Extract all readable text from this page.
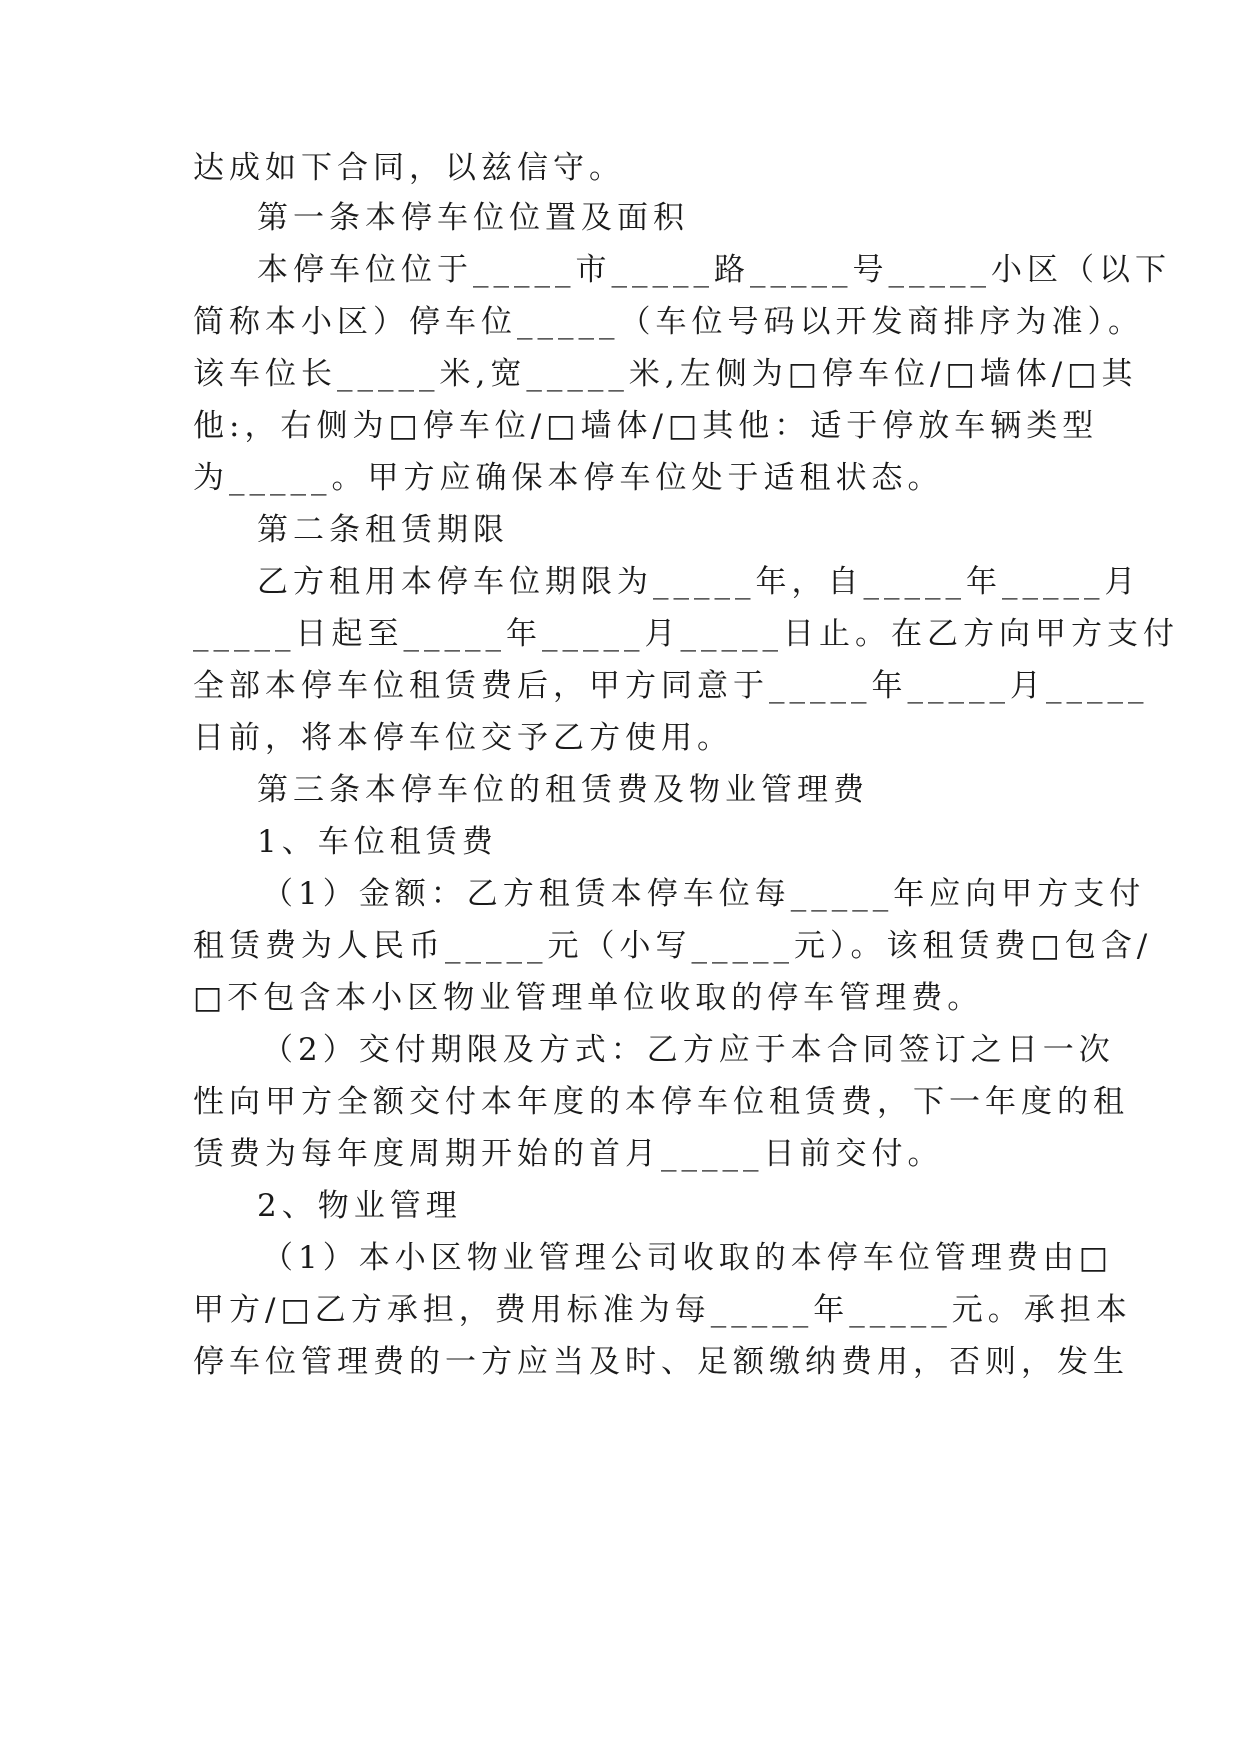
达成如下合同，以兹信守。
第一条本停车位位置及面积
本停车位位于_____市_____路_____号_____小区（以下
简称本小区）停车位_____（车位号码以开发商排序为准）。
该车位长_____米,宽_____米,左侧为□停车位/□墙体/□其
他:，右侧为□停车位/□墙体/□其他：适于停放车辆类型
为_____。甲方应确保本停车位处于适租状态。
第二条租赁期限
乙方租用本停车位期限为_____年，自_____年_____月
_____日起至_____年_____月_____日止。在乙方向甲方支付
全部本停车位租赁费后，甲方同意于_____年_____月_____
日前，将本停车位交予乙方使用。
第三条本停车位的租赁费及物业管理费
1、车位租赁费
（1）金额：乙方租赁本停车位每_____年应向甲方支付
租赁费为人民币_____元（小写_____元）。该租赁费□包含/
□不包含本小区物业管理单位收取的停车管理费。
（2）交付期限及方式：乙方应于本合同签订之日一次
性向甲方全额交付本年度的本停车位租赁费，下一年度的租
赁费为每年度周期开始的首月_____日前交付。
2、物业管理
（1）本小区物业管理公司收取的本停车位管理费由□
甲方/□乙方承担，费用标准为每_____年_____元。承担本
停车位管理费的一方应当及时、足额缴纳费用，否则，发生
